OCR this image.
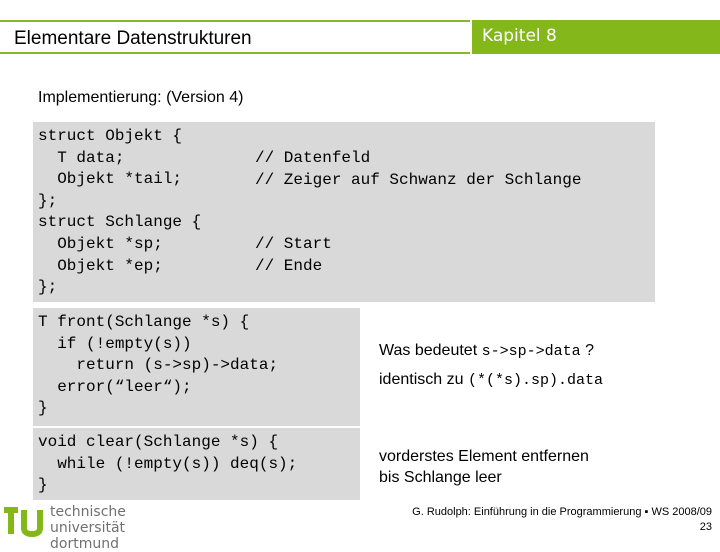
Elementare Datenstrukturen	Kapitel 8
Implementierung: (Version 4)
struct Objekt {
T data;
Objekt *tail;
};
struct Schlange {
Objekt *sp;
Objekt *ep;
};
// Datenfeld
// Zeiger auf Schwanz der Schlange

// Start
// Ende
T front(Schlange *s) {
if (!empty(s))
return (s->sp)->data;
error(“leer“);
}
void clear(Schlange *s) {
while (!empty(s)) deq(s);
}
Was bedeutet s->sp->data ?
identisch zu (*(*s).sp).data
vorderstes Element entfernen
bis Schlange leer
technische universität
dortmund
G. Rudolph: Einführung in die Programmierung ▪ WS 2008/09
23
